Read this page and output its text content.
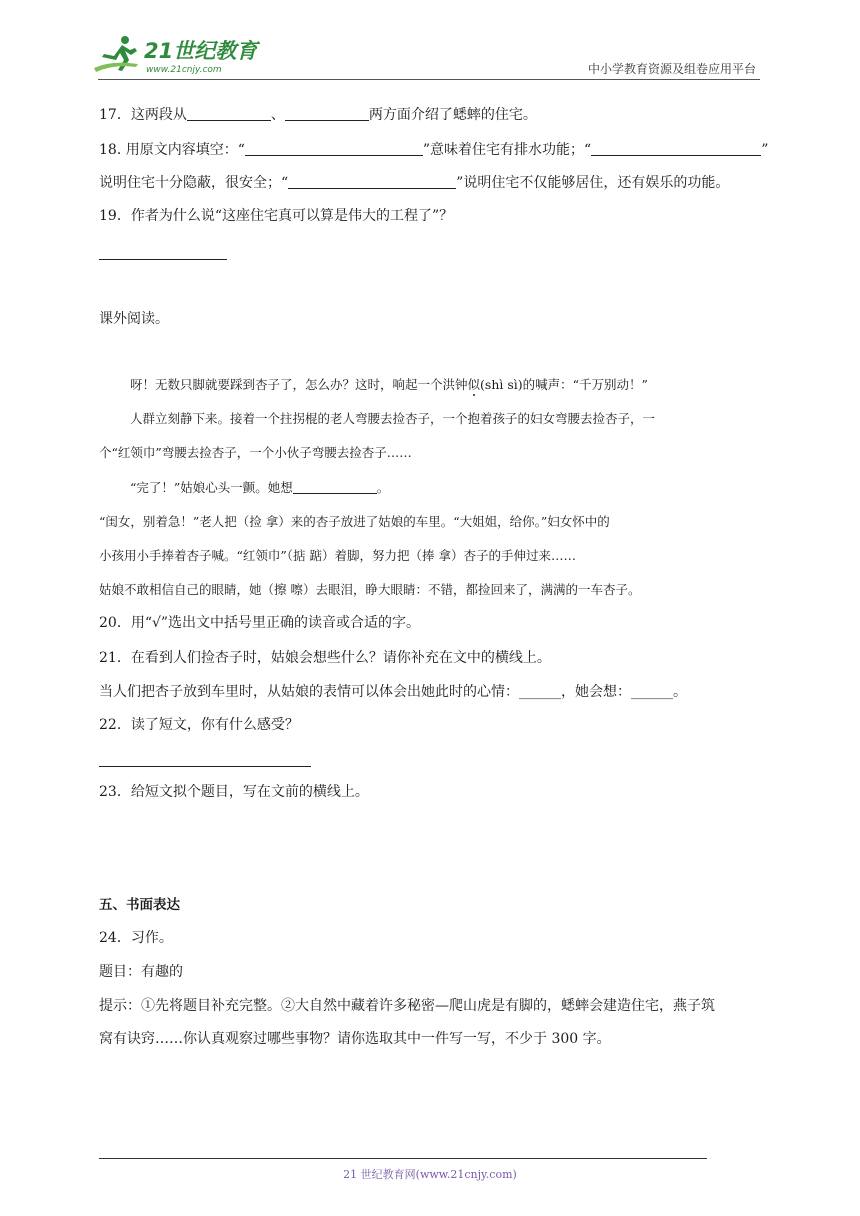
21世纪教育
www.21cnjy.com	中小学教育资源及组卷应用平台
17．这两段从	、	两方面介绍了蟋蟀的住宅。
18. 用原文内容填空：“	”意味着住宅有排水功能；“	”
说明住宅十分隐蔽，很安全；“	”说明住宅不仅能够居住，还有娱乐的功能。
19．作者为什么说“这座住宅真可以算是伟大的工程了”？
课外阅读。
呀！无数只脚就要踩到杏子了，怎么办？这时，响起一个洪钟似(shì sì)的喊声：“千万别动！”
人群立刻静下来。接着一个拄拐棍的老人弯腰去捡杏子，一个抱着孩子的妇女弯腰去捡杏子，一
个“红领巾”弯腰去捡杏子，一个小伙子弯腰去捡杏子……
“完了！”姑娘心头一颤。她想	。
“闺女，别着急！”老人把（捡 拿）来的杏子放进了姑娘的车里。“大姐姐，给你。”妇女怀中的
小孩用小手捧着杏子喊。“红领巾”（掂 踮）着脚，努力把（捧 拿）杏子的手伸过来……
姑娘不敢相信自己的眼睛，她（擦 嚓）去眼泪，睁大眼睛：不错，都捡回来了，满满的一车杏子。
20．用“√”选出文中括号里正确的读音或合适的字。
21．在看到人们捡杏子时，姑娘会想些什么？请你补充在文中的横线上。
当人们把杏子放到车里时，从姑娘的表情可以体会出她此时的心情：______，她会想：______。
22．读了短文，你有什么感受？
23．给短文拟个题目，写在文前的横线上。
五、书面表达
24．习作。
题目：有趣的
提示：①先将题目补充完整。②大自然中藏着许多秘密—爬山虎是有脚的，蟋蟀会建造住宅，燕子筑
窝有诀窍……你认真观察过哪些事物？请你选取其中一件写一写，不少于 300 字。
21 世纪教育网(www.21cnjy.com)
